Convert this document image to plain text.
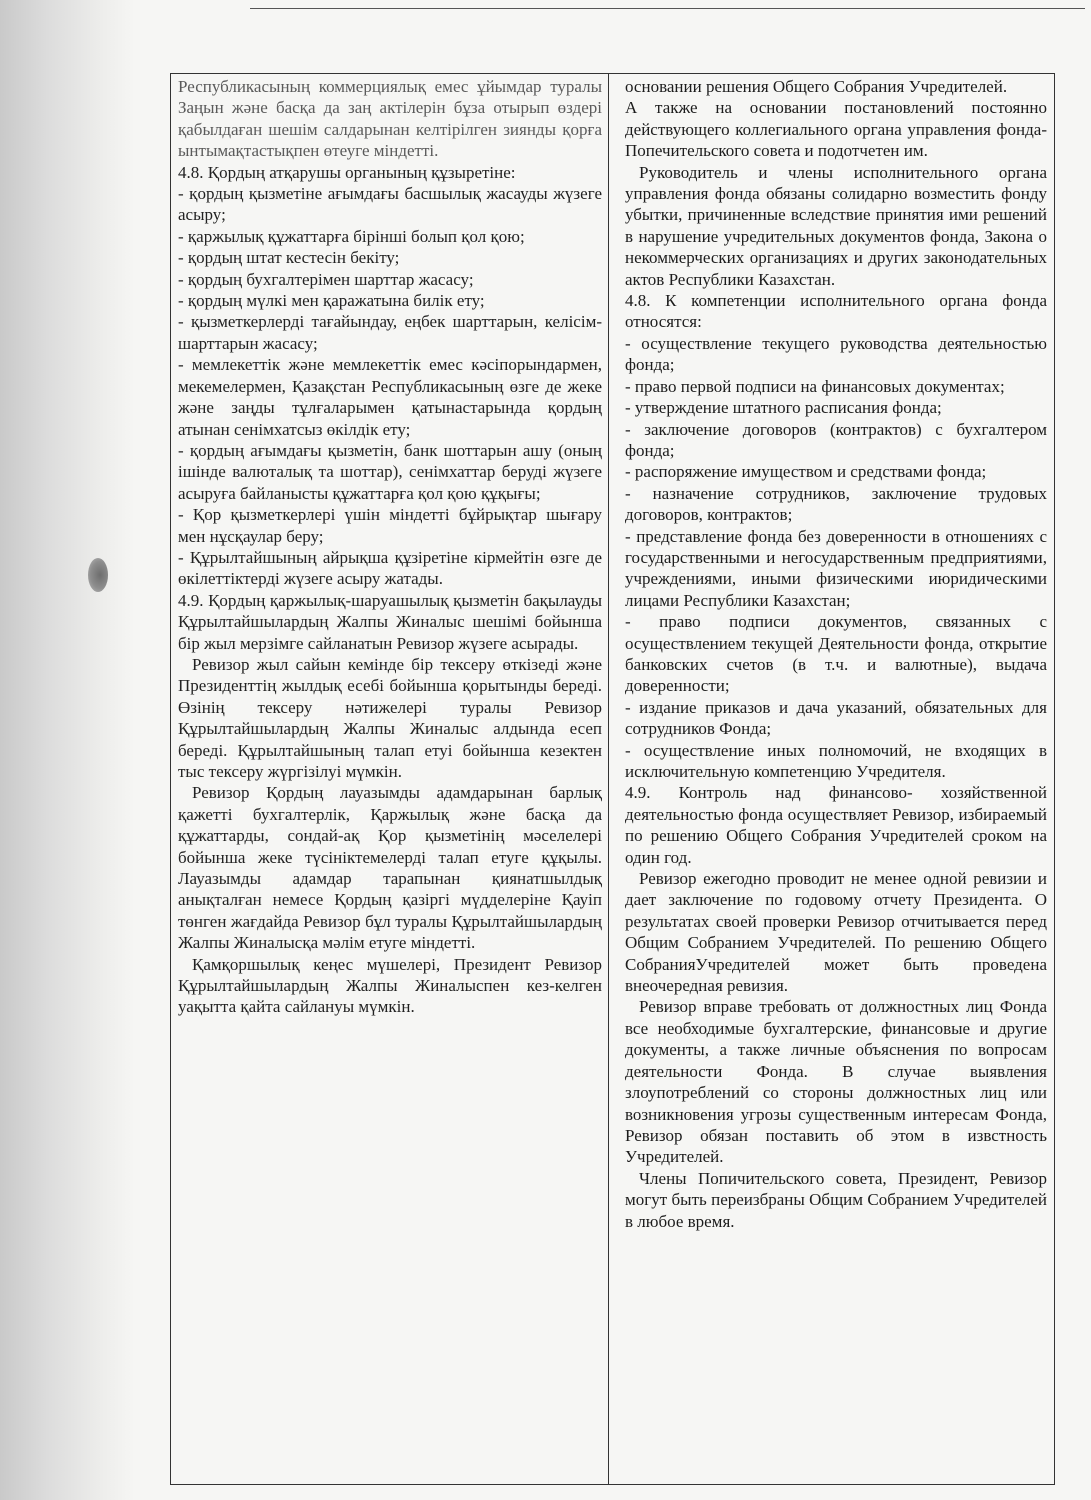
Республикасының коммерциялық емес ұйымдар туралы Заңын және басқа да заң актілерін бұза отырып өздері қабылдаған шешім салдарынан келтірілген зиянды қорға ынтымақтастықпен өтеуге міндетті.

4.8. Қордың атқарушы органының құзыретіне:

- қордың қызметіне ағымдағы басшылық жасауды жүзеге асыру;

- қаржылық құжаттарға бірінші болып қол қою;

- қордың штат кестесін бекіту;

- қордың бухгалтерімен шарттар жасасу;

- қордың мүлкі мен қаражатына билік ету;

- қызметкерлерді тағайындау, еңбек шарттарын, келісім-шарттарын жасасу;

- мемлекеттік және мемлекеттік емес кәсіпорындармен, мекемелермен, Қазақстан Республикасының өзге де жеке және заңды тұлғаларымен қатынастарында қордың атынан сенімхатсыз өкілдік ету;

- қордың ағымдағы қызметін, банк шоттарын ашу (оның ішінде валюталық та шоттар), сенімхаттар беруді жүзеге асыруға байланысты құжаттарға қол қою құқығы;

- Қор қызметкерлері үшін міндетті бұйрықтар шығару мен нұсқаулар беру;

- Құрылтайшының айрықша құзіретіне кірмейтін өзге де өкілеттіктерді жүзеге асыру жатады.

4.9. Қордың қаржылық-шаруашылық қызметін бақылауды Құрылтайшылардың Жалпы Жиналыс шешімі бойынша бір жыл мерзімге сайланатын Ревизор жүзеге асырады.

Ревизор жыл сайын кемінде бір тексеру өткізеді және Президенттің жылдық есебі бойынша қорытынды береді. Өзінің тексеру нәтижелері туралы Ревизор Құрылтайшылардың Жалпы Жиналыс алдында есеп береді. Құрылтайшының талап етуі бойынша кезектен тыс тексеру жүргізілуі мүмкін.

Ревизор Қордың лауазымды адамдарынан барлық қажетті бухгалтерлік, Қаржылық және басқа да құжаттарды, сондай-ақ Қор қызметінің мәселелері бойынша жеке түсініктемелерді талап етуге құқылы. Лауазымды адамдар тарапынан қиянатшылдық анықталған немесе Қордың қазіргі мүдделеріне Қауіп төнген жағдайда Ревизор бұл туралы Құрылтайшылардың Жалпы Жиналысқа мәлім етуге міндетті.

Қамқоршылық кеңес мүшелері, Президент Ревизор Құрылтайшылардың Жалпы Жиналыспен кез-келген уақытта қайта сайлануы мүмкін.

основании решения Общего Собрания Учредителей.

А также на основании постановлений постоянно действующего коллегиального органа управления фонда-Попечительского совета и подотчетен им.

Руководитель и члены исполнительного органа управления фонда обязаны солидарно возместить фонду убытки, причиненные вследствие принятия ими решений в нарушение учредительных документов фонда, Закона о некоммерческих организациях и других законодательных актов Республики Казахстан.

4.8. К компетенции исполнительного органа фонда относятся:

- осуществление текущего руководства деятельностью фонда;

- право первой подписи на финансовых документах;

- утверждение штатного расписания фонда;

- заключение договоров (контрактов) с бухгалтером фонда;

- распоряжение имуществом и средствами фонда;

- назначение сотрудников, заключение трудовых договоров, контрактов;

- представление фонда без доверенности в отношениях с государственными и негосударственным предприятиями, учреждениями, иными физическими июридическими лицами Республики Казахстан;

- право подписи документов, связанных с осуществлением текущей Деятельности фонда, открытие банковских счетов (в т.ч. и валютные), выдача доверенности;

- издание приказов и дача указаний, обязательных для сотрудников Фонда;

- осуществление иных полномочий, не входящих в исключительную компетенцию Учредителя.

4.9. Контроль над финансово- хозяйственной деятельностью фонда осуществляет Ревизор, избираемый по решению Общего Собрания Учредителей сроком на один год.

Ревизор ежегодно проводит не менее одной ревизии и дает заключение по годовому отчету Президента. О результатах своей проверки Ревизор отчитывается перед Общим Собранием Учредителей. По решению Общего СобранияУчредителей может быть проведена внеочередная ревизия.

Ревизор вправе требовать от должностных лиц Фонда все необходимые бухгалтерские, финансовые и другие документы, а также личные объяснения по вопросам деятельности Фонда. В случае выявления злоупотреблений со стороны должностных лиц или возникновения угрозы существенным интересам Фонда, Ревизор обязан поставить об этом в извстность Учредителей.

Члены Попичительского совета, Президент, Ревизор могут быть переизбраны Общим Собранием Учредителей в любое время.
